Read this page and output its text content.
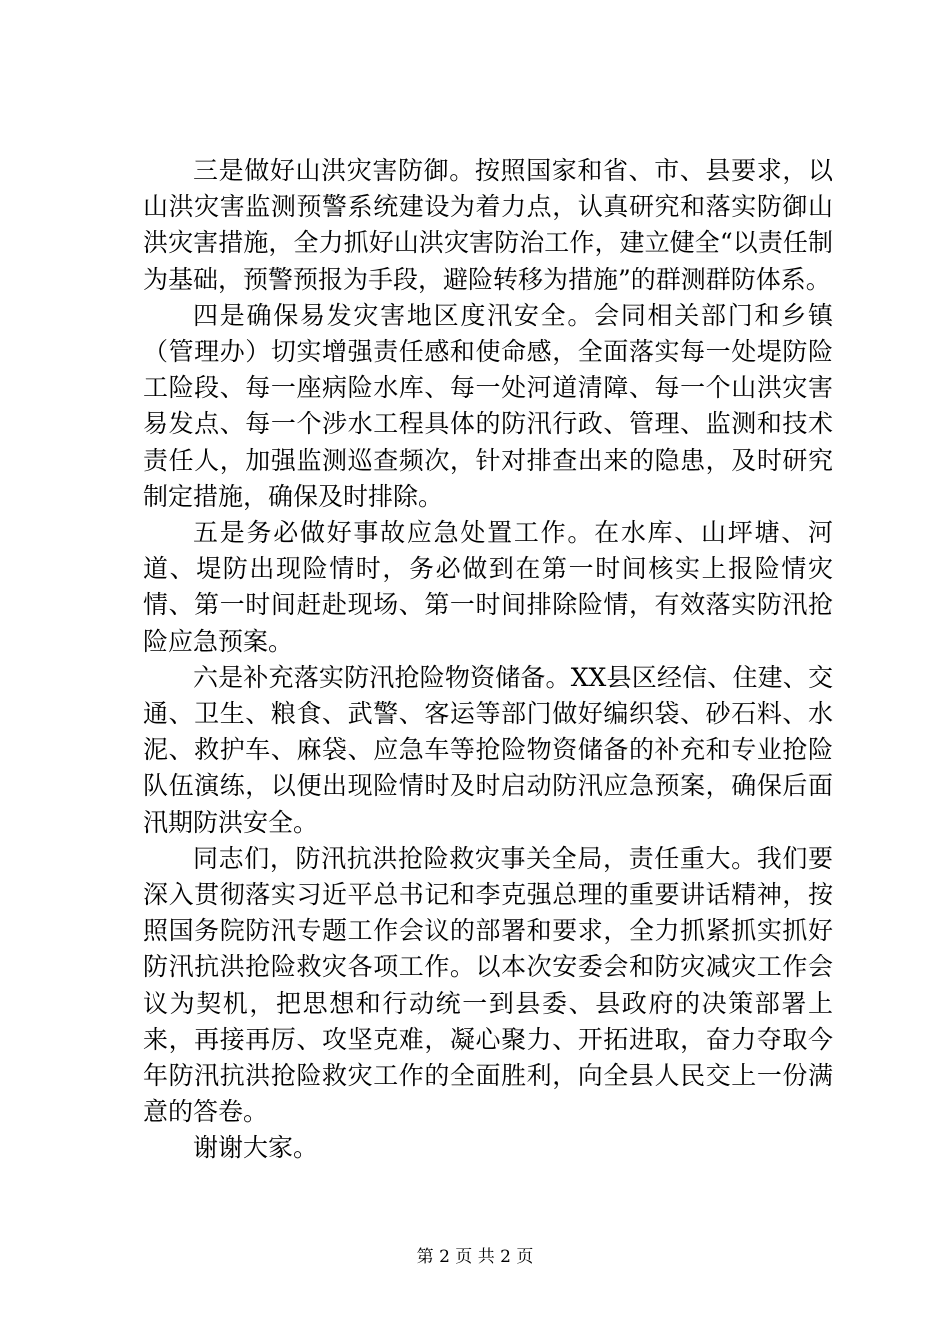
三是做好山洪灾害防御。按照国家和省、市、县要求，以山洪灾害监测预警系统建设为着力点，认真研究和落实防御山洪灾害措施，全力抓好山洪灾害防治工作，建立健全“以责任制为基础，预警预报为手段，避险转移为措施”的群测群防体系。

四是确保易发灾害地区度汛安全。会同相关部门和乡镇（管理办）切实增强责任感和使命感，全面落实每一处堤防险工险段、每一座病险水库、每一处河道清障、每一个山洪灾害易发点、每一个涉水工程具体的防汛行政、管理、监测和技术责任人，加强监测巡查频次，针对排查出来的隐患，及时研究制定措施，确保及时排除。

五是务必做好事故应急处置工作。在水库、山坪塘、河道、堤防出现险情时，务必做到在第一时间核实上报险情灾情、第一时间赶赴现场、第一时间排除险情，有效落实防汛抢险应急预案。

六是补充落实防汛抢险物资储备。XX县区经信、住建、交通、卫生、粮食、武警、客运等部门做好编织袋、砂石料、水泥、救护车、麻袋、应急车等抢险物资储备的补充和专业抢险队伍演练，以便出现险情时及时启动防汛应急预案，确保后面汛期防洪安全。

同志们，防汛抗洪抢险救灾事关全局，责任重大。我们要深入贯彻落实习近平总书记和李克强总理的重要讲话精神，按照国务院防汛专题工作会议的部署和要求，全力抓紧抓实抓好防汛抗洪抢险救灾各项工作。以本次安委会和防灾减灾工作会议为契机，把思想和行动统一到县委、县政府的决策部署上来，再接再厉、攻坚克难，凝心聚力、开拓进取，奋力夺取今年防汛抗洪抢险救灾工作的全面胜利，向全县人民交上一份满意的答卷。

谢谢大家。

第 2 页 共 2 页
